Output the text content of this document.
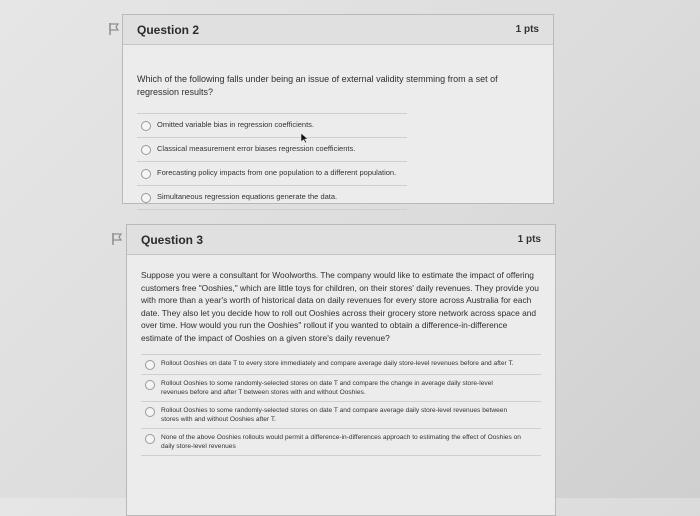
Question 2	1 pts
Which of the following falls under being an issue of external validity stemming from a set of regression results?
Omitted variable bias in regression coefficients.
Classical measurement error biases regression coefficients.
Forecasting policy impacts from one population to a different population.
Simultaneous regression equations generate the data.
Question 3	1 pts
Suppose you were a consultant for Woolworths. The company would like to estimate the impact of offering customers free "Ooshies," which are little toys for children, on their stores' daily revenues. They provide you with more than a year's worth of historical data on daily revenues for every store across Australia for each date. They also let you decide how to roll out Ooshies across their grocery store network across space and over time. How would you run the Ooshies" rollout if you wanted to obtain a difference-in-difference estimate of the impact of Ooshies on a given store's daily revenue?
Rollout Ooshies on date T to every store immediately and compare average daily store-level revenues before and after T.
Rollout Ooshies to some randomly-selected stores on date T and compare the change in average daily store-level revenues before and after T between stores with and without Ooshies.
Rollout Ooshies to some randomly-selected stores on date T and compare average daily store-level revenues between stores with and without Ooshies after T.
None of the above Ooshies rollouts would permit a difference-in-differences approach to estimating the effect of Ooshies on daily store-level revenues
